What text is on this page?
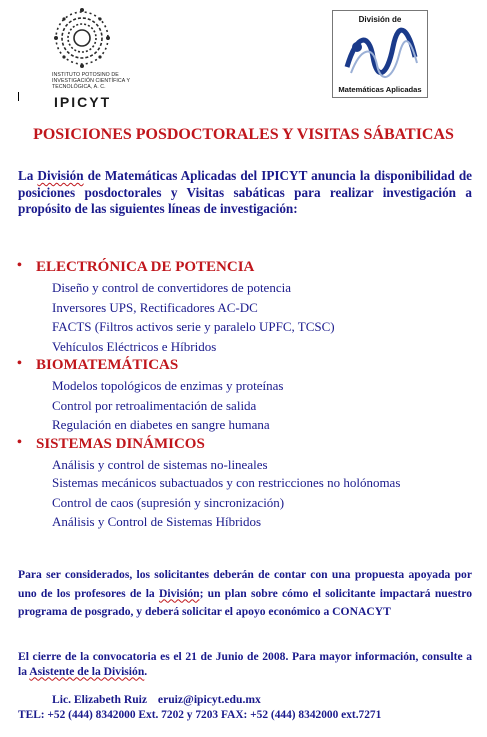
INSTITUTO POTOSINO DE INVESTIGACIÓN CIENTÍFICA Y TECNOLÓGICA, A. C.
IPICYT
División de
Matemáticas Aplicadas
POSICIONES POSDOCTORALES Y VISITAS SÁBATICAS
La División de Matemáticas Aplicadas del IPICYT anuncia la disponibilidad de posiciones posdoctorales y Visitas sabáticas para realizar investigación a propósito de las siguientes líneas de investigación:
• ELECTRÓNICA DE POTENCIA
Diseño y control de convertidores de potencia
Inversores UPS, Rectificadores AC-DC
FACTS (Filtros activos serie y paralelo UPFC, TCSC)
Vehículos Eléctricos e Híbridos
• BIOMATEMÁTICAS
Modelos topológicos de enzimas y proteínas
Control por retroalimentación de salida
Regulación en diabetes en sangre humana
• SISTEMAS DINÁMICOS
Análisis y control de sistemas no-lineales
Sistemas mecánicos subactuados y con restricciones no holónomas
Control de caos (supresión y sincronización)
Análisis y Control de Sistemas Híbridos
Para ser considerados, los solicitantes deberán de contar con una propuesta apoyada por uno de los profesores de la División; un plan sobre cómo el solicitante impactará nuestro programa de posgrado, y deberá solicitar el apoyo económico a CONACYT
El cierre de la convocatoria es el 21 de Junio de 2008. Para mayor información, consulte a la Asistente de la División.
Lic. Elizabeth Ruiz eruiz@ipicyt.edu.mx
TEL: +52 (444) 8342000 Ext. 7202 y 7203 FAX: +52 (444) 8342000 ext.7271
